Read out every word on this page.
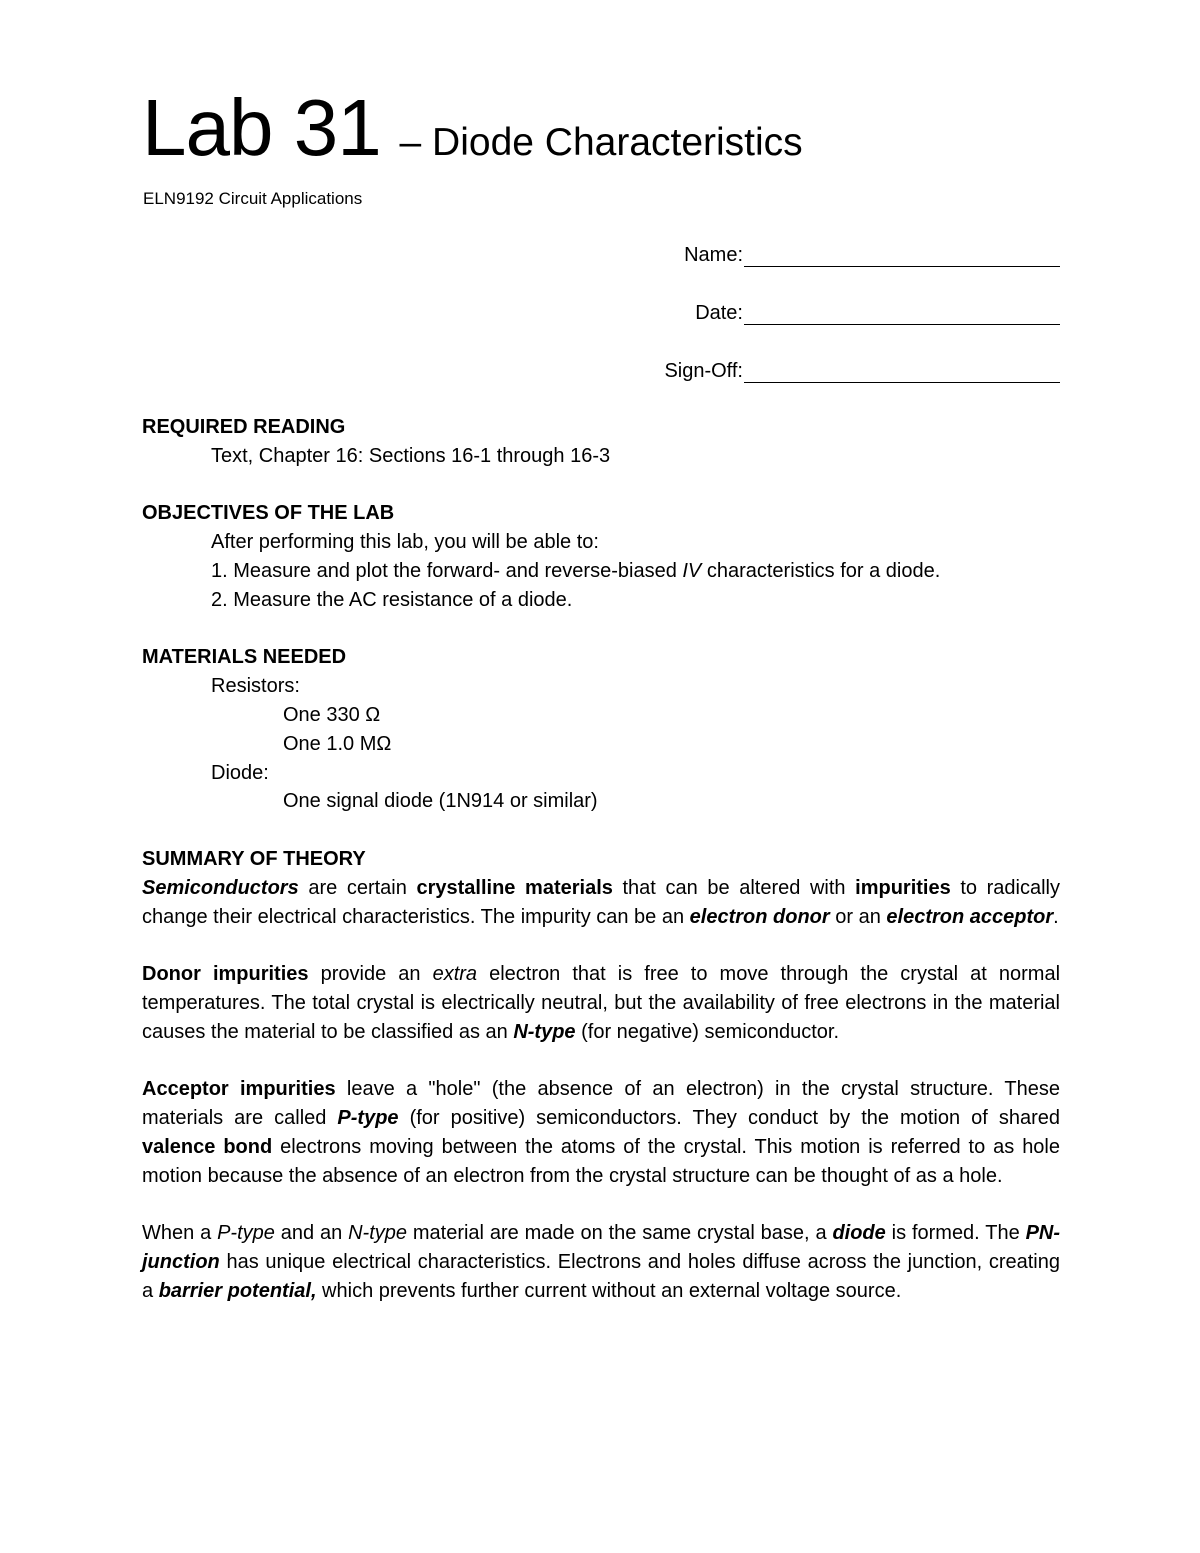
Lab 31 – Diode Characteristics
ELN9192 Circuit Applications
Name:
Date:
Sign-Off:

REQUIRED READING

Text, Chapter 16: Sections 16-1 through 16-3

OBJECTIVES OF THE LAB

After performing this lab, you will be able to:

1. Measure and plot the forward- and reverse-biased IV characteristics for a diode.

2. Measure the AC resistance of a diode.

MATERIALS NEEDED

Resistors:

One 330 Ω

One 1.0 MΩ

Diode:

One signal diode (1N914 or similar)

SUMMARY OF THEORY

Semiconductors are certain crystalline materials that can be altered with impurities to radically change their electrical characteristics. The impurity can be an electron donor or an electron acceptor.

Donor impurities provide an extra electron that is free to move through the crystal at normal temperatures. The total crystal is electrically neutral, but the availability of free electrons in the material causes the material to be classified as an N-type (for negative) semiconductor.

Acceptor impurities leave a "hole" (the absence of an electron) in the crystal structure. These materials are called P-type (for positive) semiconductors. They conduct by the motion of shared valence bond electrons moving between the atoms of the crystal. This motion is referred to as hole motion because the absence of an electron from the crystal structure can be thought of as a hole.

When a P-type and an N-type material are made on the same crystal base, a diode is formed. The PN-junction has unique electrical characteristics. Electrons and holes diffuse across the junction, creating a barrier potential, which prevents further current without an external voltage source.
